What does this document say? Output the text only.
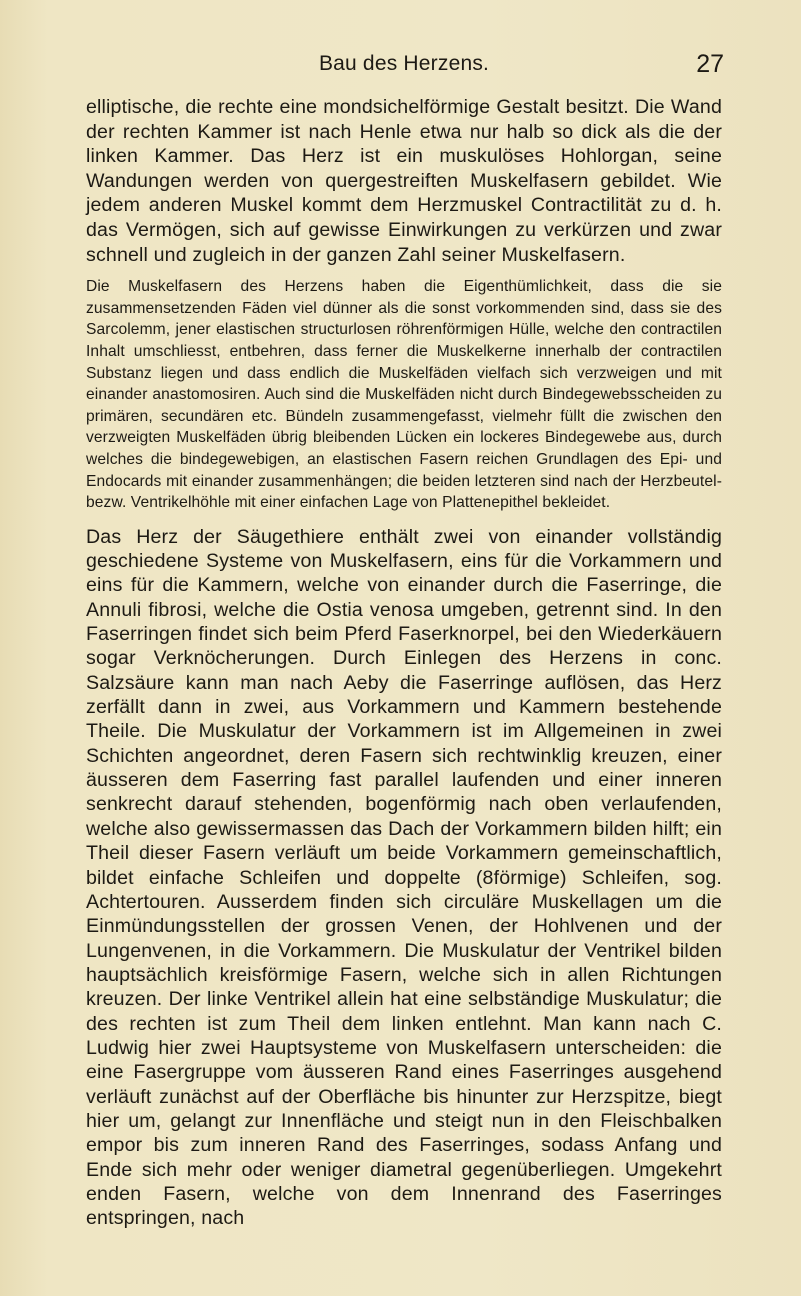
Bau des Herzens.	27

elliptische, die rechte eine mondsichelförmige Gestalt besitzt. Die Wand der rechten Kammer ist nach Henle etwa nur halb so dick als die der linken Kammer. Das Herz ist ein muskulöses Hohlorgan, seine Wandungen werden von quergestreiften Muskelfasern gebildet. Wie jedem anderen Muskel kommt dem Herzmuskel Contractilität zu d. h. das Vermögen, sich auf gewisse Einwirkungen zu verkürzen und zwar schnell und zugleich in der ganzen Zahl seiner Muskelfasern.

Die Muskelfasern des Herzens haben die Eigenthümlichkeit, dass die sie zusammensetzenden Fäden viel dünner als die sonst vorkommenden sind, dass sie des Sarcolemm, jener elastischen structurlosen röhrenförmigen Hülle, welche den contractilen Inhalt umschliesst, entbehren, dass ferner die Muskelkerne innerhalb der contractilen Substanz liegen und dass endlich die Muskelfäden vielfach sich verzweigen und mit einander anastomosiren. Auch sind die Muskelfäden nicht durch Bindegewebsscheiden zu primären, secundären etc. Bündeln zusammengefasst, vielmehr füllt die zwischen den verzweigten Muskelfäden übrig bleibenden Lücken ein lockeres Bindegewebe aus, durch welches die bindegewebigen, an elastischen Fasern reichen Grundlagen des Epi- und Endocards mit einander zusammenhängen; die beiden letzteren sind nach der Herzbeutel- bezw. Ventrikelhöhle mit einer einfachen Lage von Plattenepithel bekleidet.

Das Herz der Säugethiere enthält zwei von einander vollständig geschiedene Systeme von Muskelfasern, eins für die Vorkammern und eins für die Kammern, welche von einander durch die Faserringe, die Annuli fibrosi, welche die Ostia venosa umgeben, getrennt sind. In den Faserringen findet sich beim Pferd Faserknorpel, bei den Wiederkäuern sogar Verknöcherungen. Durch Einlegen des Herzens in conc. Salzsäure kann man nach Aeby die Faserringe auflösen, das Herz zerfällt dann in zwei, aus Vorkammern und Kammern bestehende Theile. Die Muskulatur der Vorkammern ist im Allgemeinen in zwei Schichten angeordnet, deren Fasern sich rechtwinklig kreuzen, einer äusseren dem Faserring fast parallel laufenden und einer inneren senkrecht darauf stehenden, bogenförmig nach oben verlaufenden, welche also gewissermassen das Dach der Vorkammern bilden hilft; ein Theil dieser Fasern verläuft um beide Vorkammern gemeinschaftlich, bildet einfache Schleifen und doppelte (8förmige) Schleifen, sog. Achtertouren. Ausserdem finden sich circuläre Muskellagen um die Einmündungsstellen der grossen Venen, der Hohlvenen und der Lungenvenen, in die Vorkammern. Die Muskulatur der Ventrikel bilden hauptsächlich kreisförmige Fasern, welche sich in allen Richtungen kreuzen. Der linke Ventrikel allein hat eine selbständige Muskulatur; die des rechten ist zum Theil dem linken entlehnt. Man kann nach C. Ludwig hier zwei Hauptsysteme von Muskelfasern unterscheiden: die eine Fasergruppe vom äusseren Rand eines Faserringes ausgehend verläuft zunächst auf der Oberfläche bis hinunter zur Herzspitze, biegt hier um, gelangt zur Innenfläche und steigt nun in den Fleischbalken empor bis zum inneren Rand des Faserringes, sodass Anfang und Ende sich mehr oder weniger diametral gegenüberliegen. Umgekehrt enden Fasern, welche von dem Innenrand des Faserringes entspringen, nach
